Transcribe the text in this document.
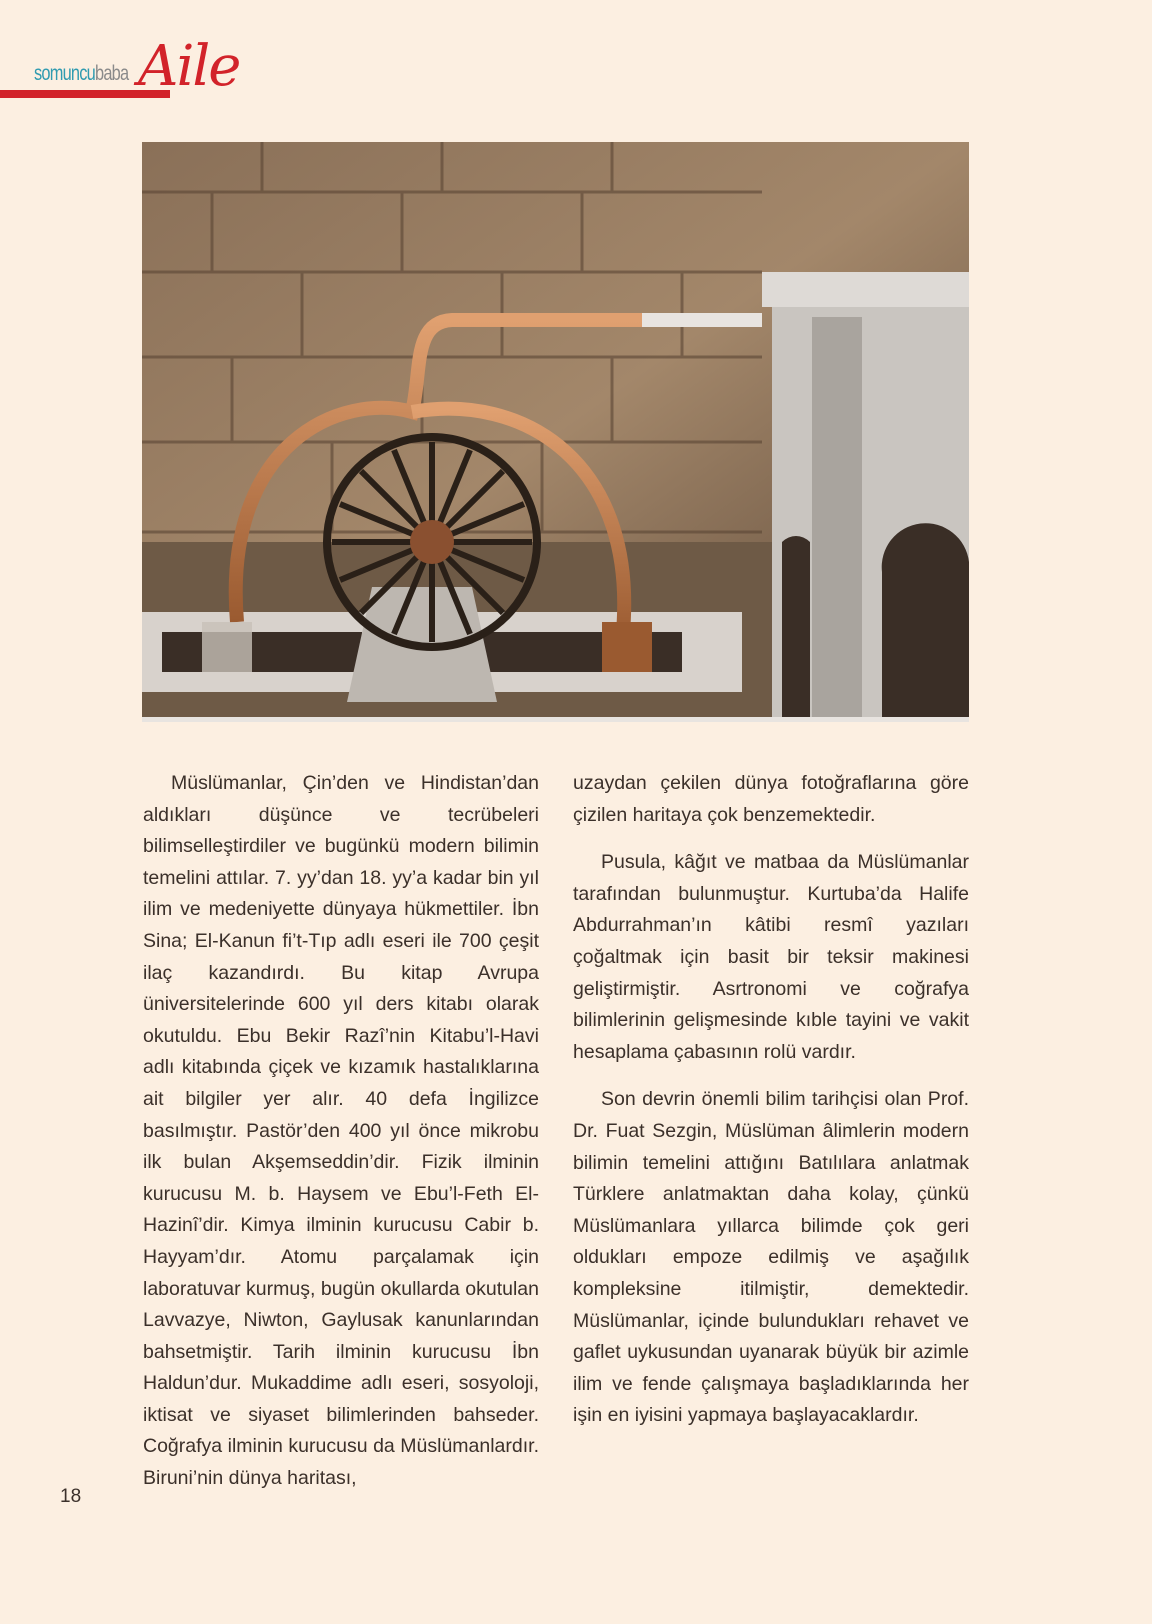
somuncubaba Aile

Müslümanlar, Çin’den ve Hindistan’dan aldıkları düşünce ve tecrübeleri bilimselleştirdiler ve bugünkü modern bilimin temelini attılar. 7. yy’dan 18. yy’a kadar bin yıl ilim ve medeniyette dünyaya hükmettiler. İbn Sina; El-Kanun fi’t-Tıp adlı eseri ile 700 çeşit ilaç kazandırdı. Bu kitap Avrupa üniversitelerinde 600 yıl ders kitabı olarak okutuldu. Ebu Bekir Razî’nin Kitabu’l-Havi adlı kitabında çiçek ve kızamık hastalıklarına ait bilgiler yer alır. 40 defa İngilizce basılmıştır. Pastör’den 400 yıl önce mikrobu ilk bulan Akşemseddin’dir. Fizik ilminin kurucusu M. b. Haysem ve Ebu’l-Feth El-Hazinî’dir. Kimya ilminin kurucusu Cabir b. Hayyam’dır. Atomu parçalamak için laboratuvar kurmuş, bugün okullarda okutulan Lavvazye, Niwton, Gaylusak kanunlarından bahsetmiştir. Tarih ilminin kurucusu İbn Haldun’dur. Mukaddime adlı eseri, sosyoloji, iktisat ve siyaset bilimlerinden bahseder. Coğrafya ilminin kurucusu da Müslümanlardır. Biruni’nin dünya haritası,

uzaydan çekilen dünya fotoğraflarına göre çizilen haritaya çok benzemektedir.

Pusula, kâğıt ve matbaa da Müslümanlar tarafından bulunmuştur. Kurtuba’da Halife Abdurrahman’ın kâtibi resmî yazıları çoğaltmak için basit bir teksir makinesi geliştirmiştir. Asrtronomi ve coğrafya bilimlerinin gelişmesinde kıble tayini ve vakit hesaplama çabasının rolü vardır.

Son devrin önemli bilim tarihçisi olan Prof. Dr. Fuat Sezgin, Müslüman âlimlerin modern bilimin temelini attığını Batılılara anlatmak Türklere anlatmaktan daha kolay, çünkü Müslümanlara yıllarca bilimde çok geri oldukları empoze edilmiş ve aşağılık kompleksine itilmiştir, demektedir. Müslümanlar, içinde bulundukları rehavet ve gaflet uykusundan uyanarak büyük bir azimle ilim ve fende çalışmaya başladıklarında her işin en iyisini yapmaya başlayacaklardır.

18
